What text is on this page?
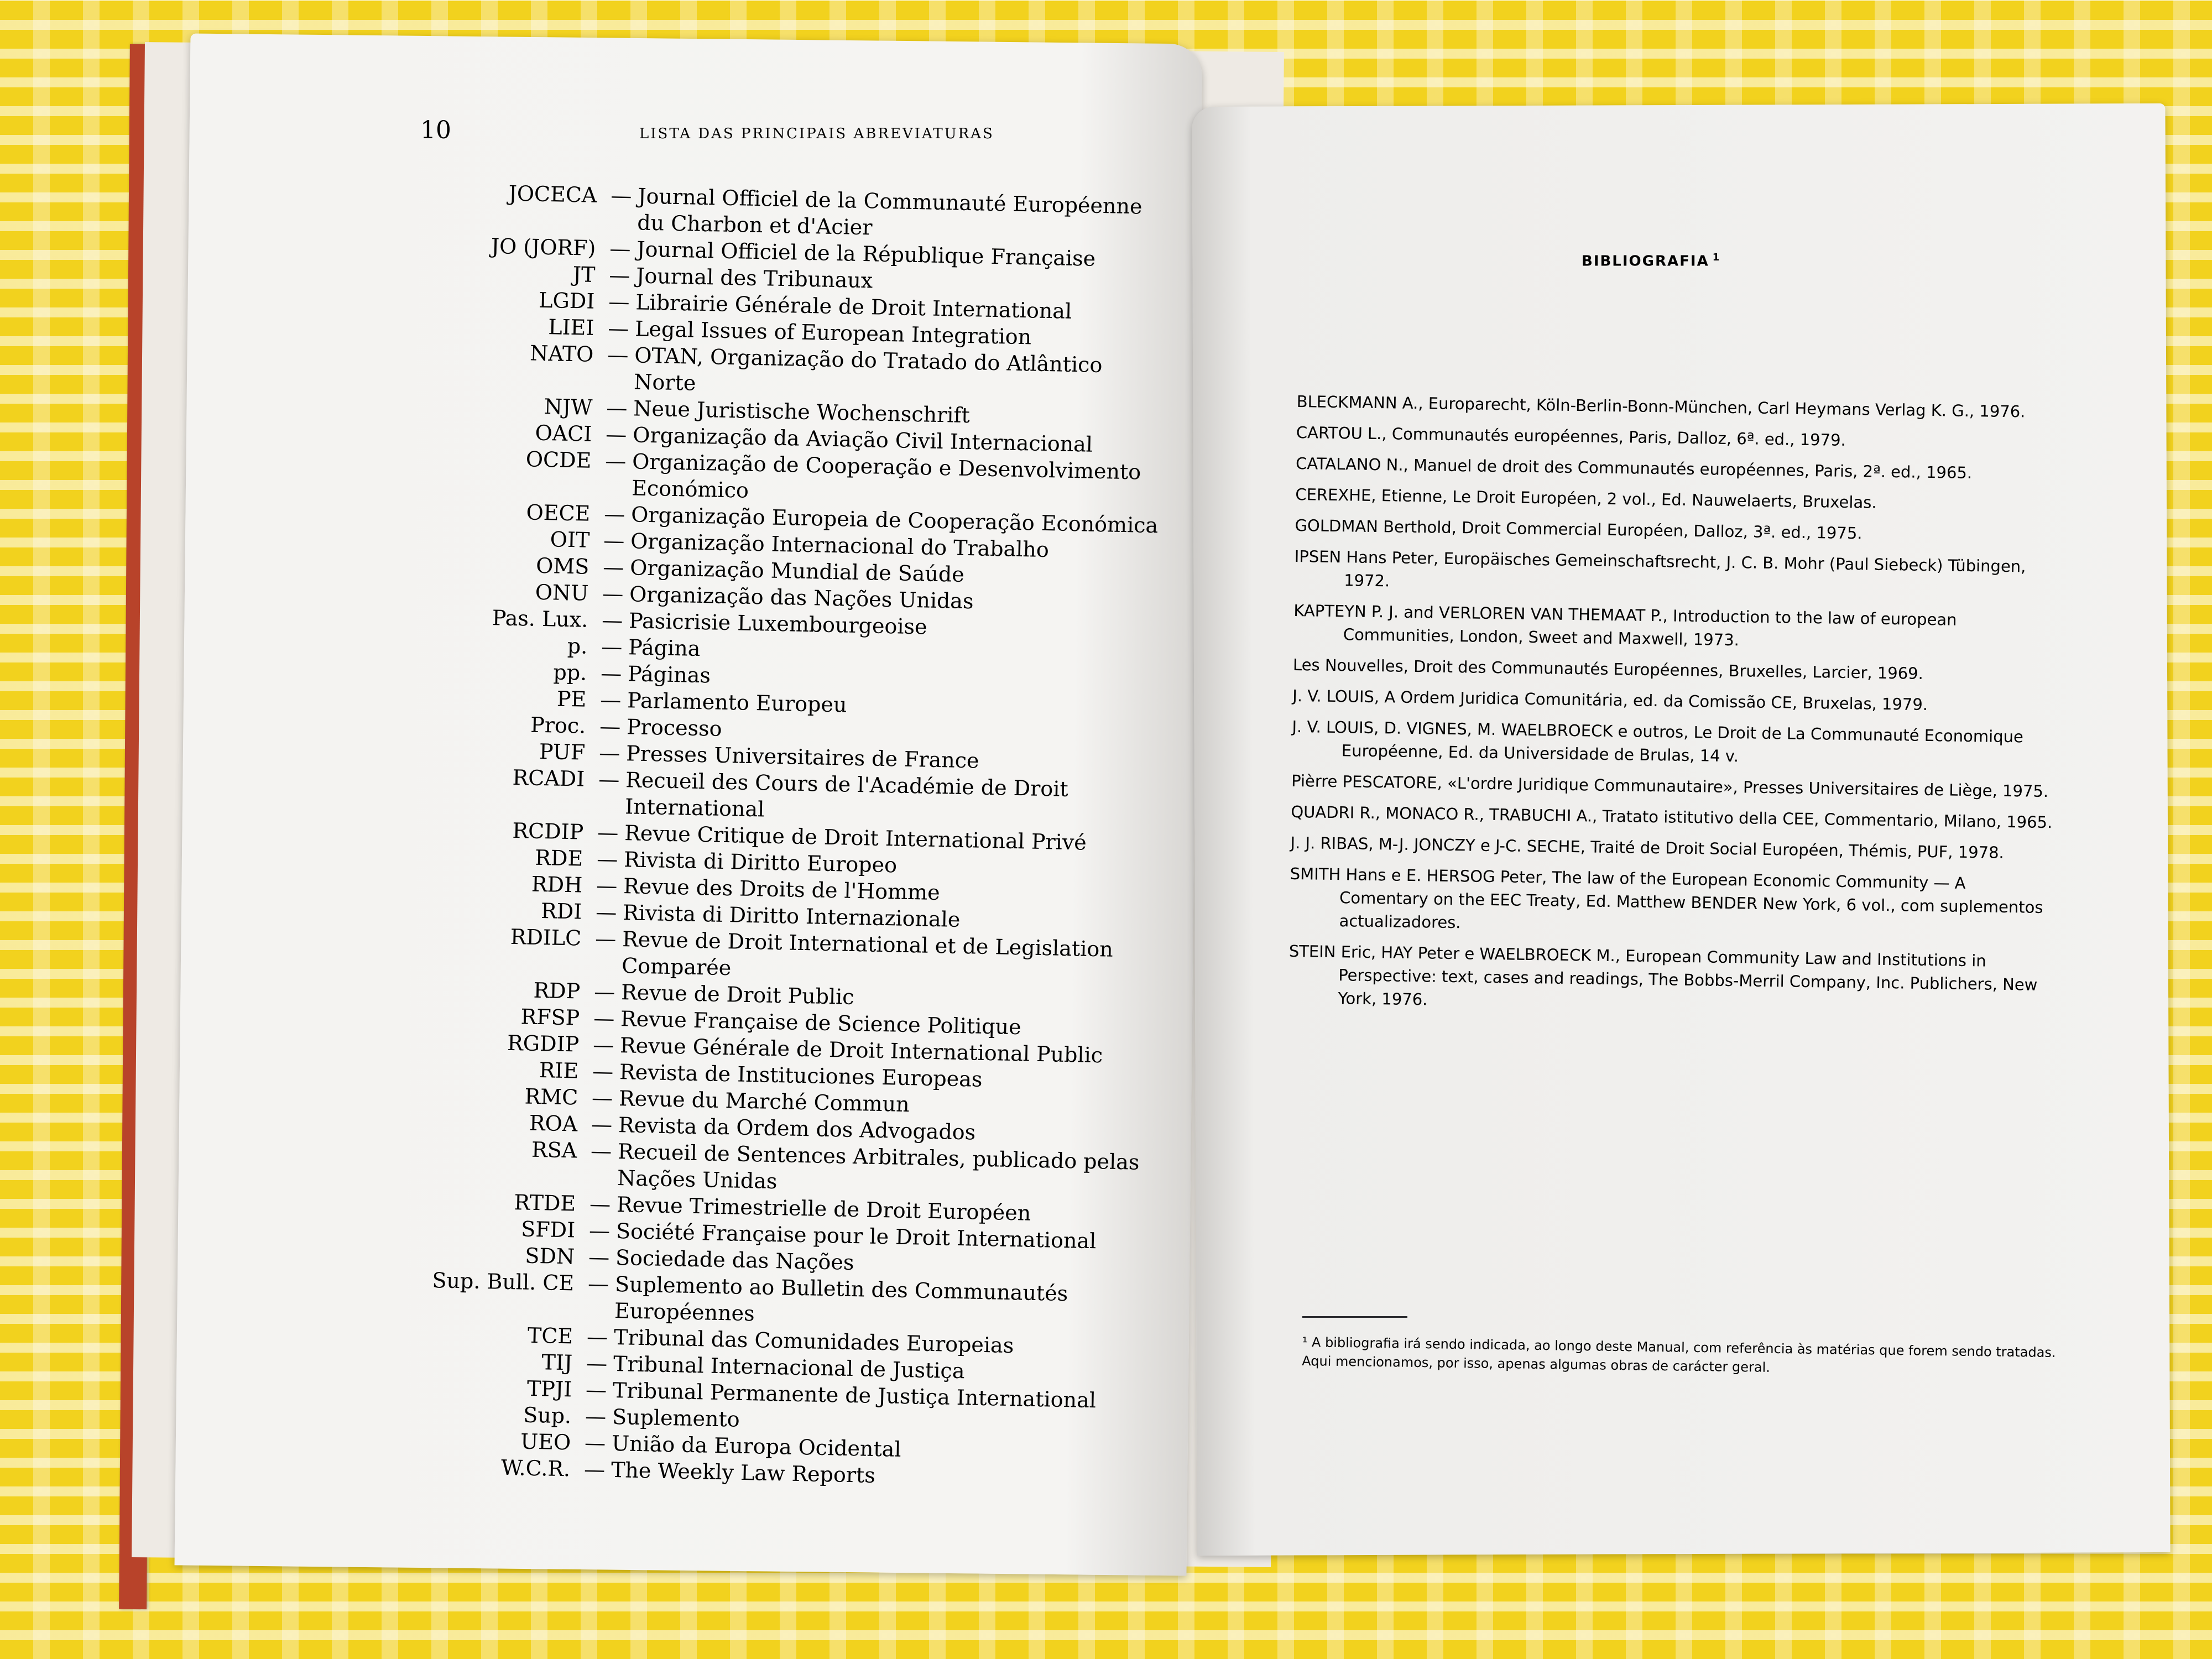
10	LISTA DAS PRINCIPAIS ABREVIATURAS
JOCECA — Journal Officiel de la Communauté Européenne du Charbon et d'Acier
JO (JORF) — Journal Officiel de la République Française
JT — Journal des Tribunaux
LGDI — Librairie Générale de Droit International
LIEI — Legal Issues of European Integration
NATO — OTAN, Organização do Tratado do Atlântico Norte
NJW — Neue Juristische Wochenschrift
OACI — Organização da Aviação Civil Internacional
OCDE — Organização de Cooperação e Desenvolvimento Económico
OECE — Organização Europeia de Cooperação Económica
OIT — Organização Internacional do Trabalho
OMS — Organização Mundial de Saúde
ONU — Organização das Nações Unidas
Pas. Lux. — Pasicrisie Luxembourgeoise
p. — Página
pp. — Páginas
PE — Parlamento Europeu
Proc. — Processo
PUF — Presses Universitaires de France
RCADI — Recueil des Cours de l'Académie de Droit International
RCDIP — Revue Critique de Droit International Privé
RDE — Rivista di Diritto Europeo
RDH — Revue des Droits de l'Homme
RDI — Rivista di Diritto Internazionale
RDILC — Revue de Droit International et de Legislation Comparée
RDP — Revue de Droit Public
RFSP — Revue Française de Science Politique
RGDIP — Revue Générale de Droit International Public
RIE — Revista de Instituciones Europeas
RMC — Revue du Marché Commun
ROA — Revista da Ordem dos Advogados
RSA — Recueil de Sentences Arbitrales, publicado pelas Nações Unidas
RTDE — Revue Trimestrielle de Droit Européen
SFDI — Société Française pour le Droit International
SDN — Sociedade das Nações
Sup. Bull. CE — Suplemento ao Bulletin des Communautés Européennes
TCE — Tribunal das Comunidades Europeias
TIJ — Tribunal Internacional de Justiça
TPJI — Tribunal Permanente de Justiça International
Sup. — Suplemento
UEO — União da Europa Ocidental
W.C.R. — The Weekly Law Reports
BIBLIOGRAFIA $^1$
BLECKMANN A., Europarecht, Köln-Berlin-Bonn-München, Carl Heymans Verlag K. G., 1976.
CARTOU L., Communautés européennes, Paris, Dalloz, 6ª. ed., 1979.
CATALANO N., Manuel de droit des Communautés européennes, Paris, 2ª. ed., 1965.
CEREXHE, Etienne, Le Droit Européen, 2 vol., Ed. Nauwelaerts, Bruxelas.
GOLDMAN Berthold, Droit Commercial Européen, Dalloz, 3ª. ed., 1975.
IPSEN Hans Peter, Europäisches Gemeinschaftsrecht, J. C. B. Mohr (Paul Siebeck) Tübingen, 1972.
KAPTEYN P. J. and VERLOREN VAN THEMAAT P., Introduction to the law of european Communities, London, Sweet and Maxwell, 1973.
Les Nouvelles, Droit des Communautés Européennes, Bruxelles, Larcier, 1969.
J. V. LOUIS, A Ordem Juridica Comunitária, ed. da Comissão CE, Bruxelas, 1979.
J. V. LOUIS, D. VIGNES, M. WAELBROECK e outros, Le Droit de La Communauté Economique Européenne, Ed. da Universidade de Brulas, 14 v.
Pièrre PESCATORE, «L'ordre Juridique Communautaire», Presses Universitaires de Liège, 1975.
QUADRI R., MONACO R., TRABUCHI A., Tratato istitutivo della CEE, Commentario, Milano, 1965.
J. J. RIBAS, M-J. JONCZY e J-C. SECHE, Traité de Droit Social Européen, Thémis, PUF, 1978.
SMITH Hans e E. HERSOG Peter, The law of the European Economic Community — A Comentary on the EEC Treaty, Ed. Matthew BENDER New York, 6 vol., com suplementos actualizadores.
STEIN Eric, HAY Peter e WAELBROECK M., European Community Law and Institutions in Perspective: text, cases and readings, The Bobbs-Merril Company, Inc. Publichers, New York, 1976.
¹ A bibliografia irá sendo indicada, ao longo deste Manual, com referência às matérias que forem sendo tratadas. Aqui mencionamos, por isso, apenas algumas obras de carácter geral.
